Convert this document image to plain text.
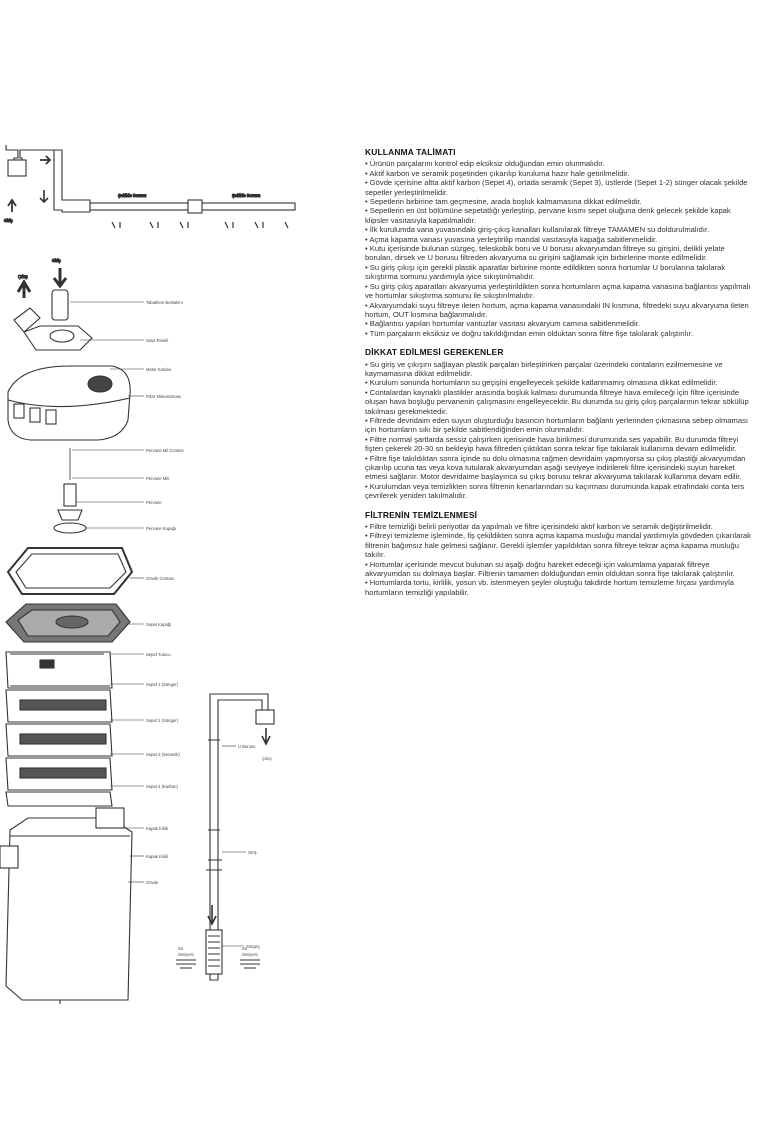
Giriş
Şekilde Borusu	Şekilde Borusu
Çıkış
Giriş
Tabakhne Bostalımı
Vana Paneli
Motor Kutubu
Filtre Mekanizması
Pervane Mil Contası
Pervane Mili
Pervane
Pervane Kapağı
Gövde Contası
Sepet Kapağı
Sepet Tutucu
Sepet 1 (Sünger)
Sepet 2 (Sünger)
Sepet 3 (Seramik)
Sepet 4 (Karbon)
Kapak Kilidi
Kapak Kilidi
Gövde
Çıkış
U Borusu
Giriş
Süzgeç
Su
Seviyesi
Su
Seviyesi
KULLANMA TALİMATI

• Ürünün parçalarını kontrol edip eksiksiz olduğundan emin olunmalıdır.

• Aktif karbon ve seramik poşetinden çıkarılıp kuruluma hazır hale getirilmelidir.

• Gövde içerisine altta aktif karbon (Sepet 4), ortada seramik (Sepet 3), üstlerde (Sepet 1-2) sünger olacak şekilde sepetler yerleştirilmelidir.

• Sepetlerin birbirine tam geçmesine, arada boşluk kalmamasına dikkat edilmelidir.

• Sepetlerin en üst bölümüne sepetatlığı yerleştirip, pervane kısmı sepet oluğuna denk gelecek şekilde kapak klipsler vasıtasıyla kapatılmalıdır.

• İlk kurulumda vana yuvasındaki giriş-çıkış kanalları kullanılarak filtreye TAMAMEN su doldurulmalıdır.

• Açma kapama vanası yuvasına yerleştirilip mandal vasıtasıyla kapağa sabitlenmelidir.

• Kutu içerisinde bulunan süzgeç, teleskobik boru ve U borusu akvaryumdan filtreye su girişini, delikli yelate boruları, dirsek ve U borusu filtreden akvaryuma su girişini sağlamak için birbirlerine monte edilmelidir.

• Su giriş çıkışı için gerekli plastik aparatlar birbirine monte edildikten sonra hortumlar U borularına takılarak sıkıştırma somunu yardımıyla iyice sıkıştırılmalıdır.

• Su giriş çıkış aparatları akvaryuma yerleştirildikten sonra hortumların açma kapama vanasına bağlantısı yapılmalı ve hortumlar sıkıştırma somunu ile sıkıştırılmalıdır.

• Akvaryumdaki suyu filtreye ileten hortum, açma kapama vanasındaki IN kısmına, filtredeki suyu akvaryuma ileten hortum, OUT kısmına bağlanmalıdır.

• Bağlantısı yapılan hortumlar vantuzlar vasıtası akvaryum camına sabitlenmelidir.

• Tüm parçaların eksiksiz ve doğru takıldığından emin olduktan sonra filtre fişe takılarak çalıştırılır.

DİKKAT EDİLMESİ GEREKENLER

• Su giriş ve çıkışını sağlayan plastik parçaları birleştirirken parçalar üzerindeki contaların ezilmemesine ve kaymamasına dikkat edilmelidir.

• Kurulum sonunda hortumların su geçişini engelleyecek şekilde katlanmamış olmasına dikkat edilmelidir.

• Contalardan kaynaklı plastikler arasında boşluk kalması durumunda filtreye hava emileceği için filtre içerisinde oluşan hava boşluğu pervanenin çalışmasını engelleyecektir. Bu durumda su giriş çıkış parçalarının tekrar sökülüp takılması gerekmektedir.

• Filtrede devridaim eden suyun oluşturduğu basıncın hortumların bağlantı yerlerinden çıkmasına sebep olmaması için hortumların sıkı bir şekilde sabitlendiğinden emin olunmalıdır.

• Filtre normal şartlarda sessiz çalışırken içerisinde hava birikmesi durumunda ses yapabilir. Bu durumda filtreyi fişten çekerek 20-30 sn bekleyip hava filtreden çıktıktan sonra tekrar fişe takılarak kullanıma devam edilmelidir.

• Filtre fişe takıldıktan sonra içinde su dolu olmasına rağmen devridaim yapmıyorsa su çıkış plastiği akvaryumdan çıkarılıp ucuna tas veya kova tutularak akvaryumdan aşağı seviyeye indirilerek filtre içerisindeki suyun hareket etmesi sağlanır. Motor devridaime başlayınca su çıkış borusu tekrar akvaryuma takılarak kullanıma devam edilir.

• Kurulumdan veya temizlikten sonra filtrenin kenarlarından su kaçırması durumunda kapak etrafındaki conta ters çevrilerek yeniden takılmalıdır.

FİLTRENİN TEMİZLENMESİ

• Filtre temizliği belirli periyotlar da yapılmalı ve filtre içerisindeki aktif karbon ve seramik değiştirilmelidir.

• Filtreyi temizleme işleminde, fiş çekildikten sonra açma kapama musluğu mandal yardımıyla gövdeden çıkarılarak filtrenin bağımsız hale gelmesi sağlanır. Gerekli işlemler yapıldıktan sonra filtreye tekrar açma kapama musluğu takılır.

• Hortumlar içerisinde mevcut bulunan su aşağı doğru hareket edeceği için vakumlama yaparak filtreye akvaryumdan su dolmaya başlar. Filtrenin tamamen dolduğundan emin olduktan sonra fişe takılarak çalıştırılır.

• Hortumlarda tortu, kirlilik, yosun vb. istenmeyen şeyler oluştuğu takdirde hortum temizleme fırçası yardımıyla hortumların temizliği yapılabilir.
